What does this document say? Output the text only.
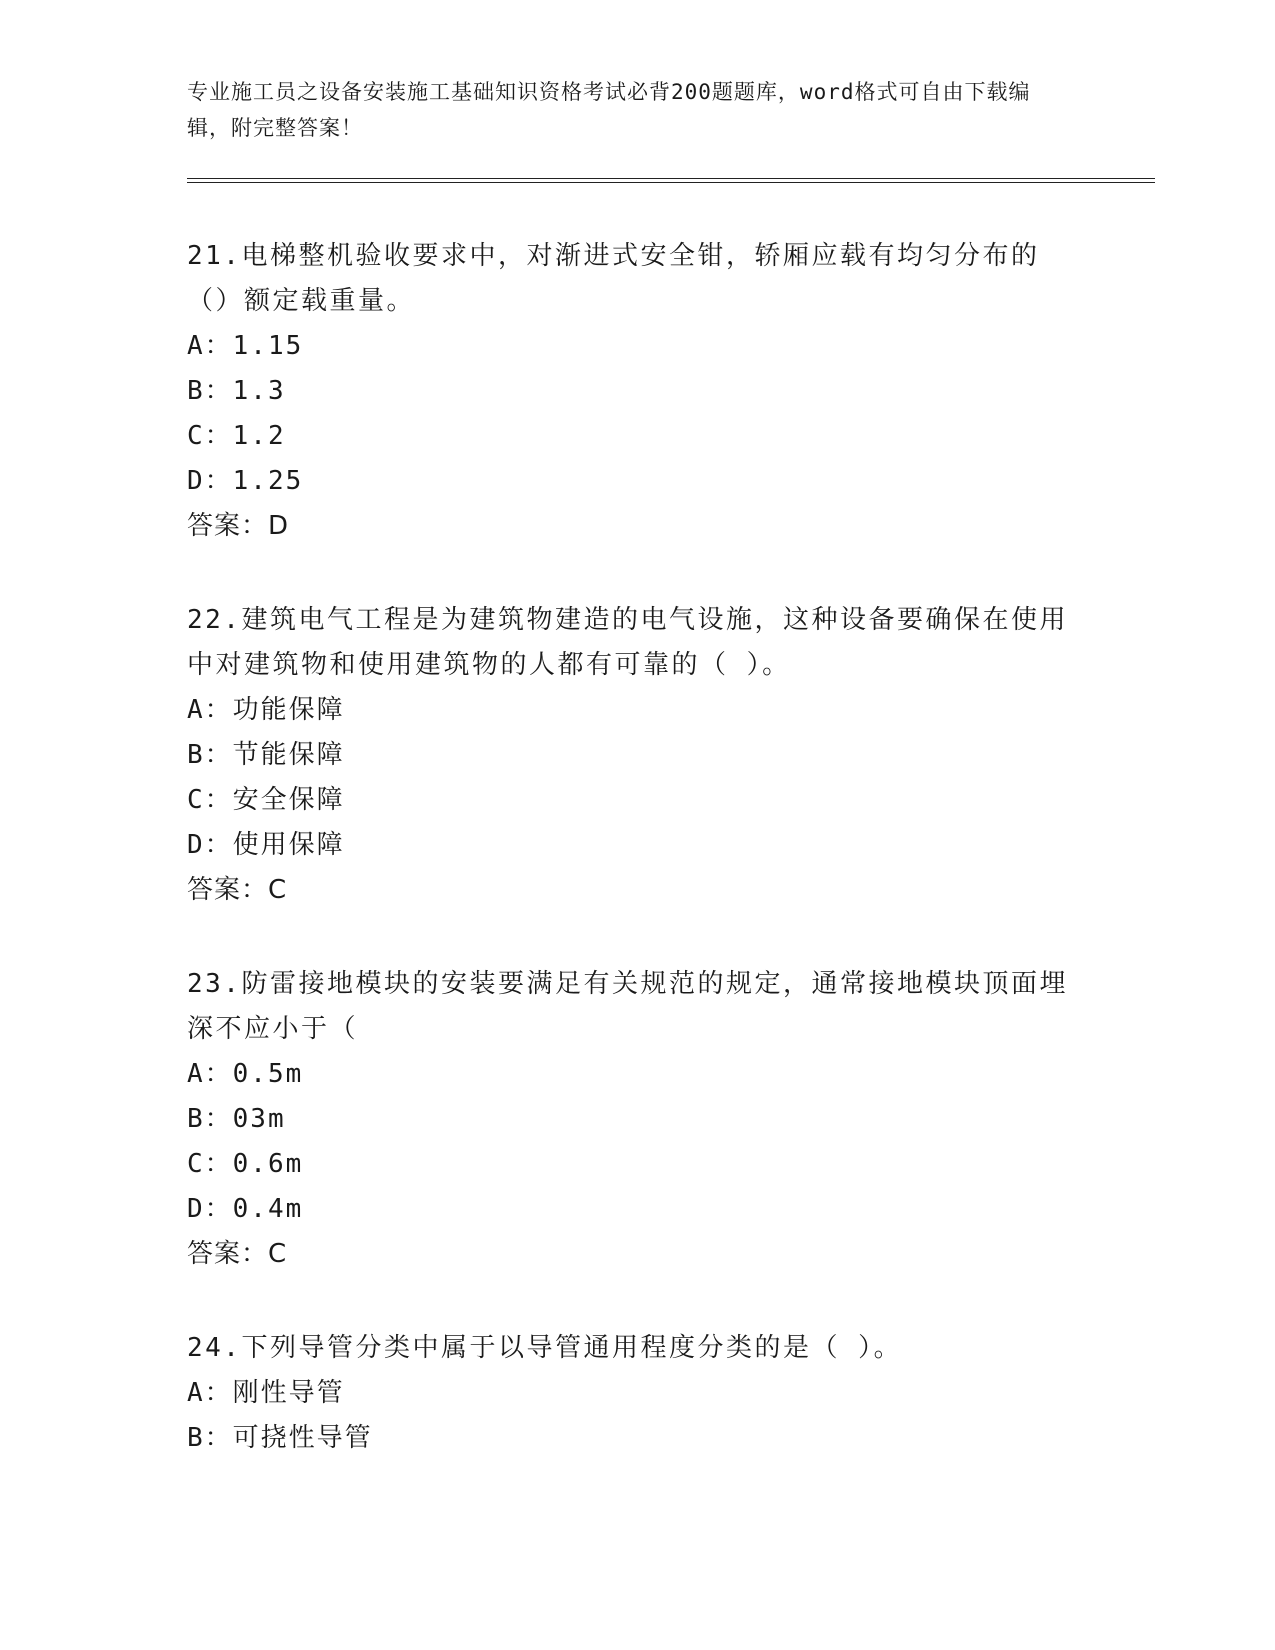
专业施工员之设备安装施工基础知识资格考试必背200题题库，word格式可自由下载编辑，附完整答案！
21.电梯整机验收要求中，对渐进式安全钳，轿厢应载有均匀分布的（）额定载重量。
A：1.15
B：1.3
C：1.2
D：1.25
答案：D
22.建筑电气工程是为建筑物建造的电气设施，这种设备要确保在使用中对建筑物和使用建筑物的人都有可靠的（ ）。
A：功能保障
B：节能保障
C：安全保障
D：使用保障
答案：C
23.防雷接地模块的安装要满足有关规范的规定，通常接地模块顶面埋深不应小于（
A：0.5m
B：03m
C：0.6m
D：0.4m
答案：C
24.下列导管分类中属于以导管通用程度分类的是（ ）。
A：刚性导管
B：可挠性导管
